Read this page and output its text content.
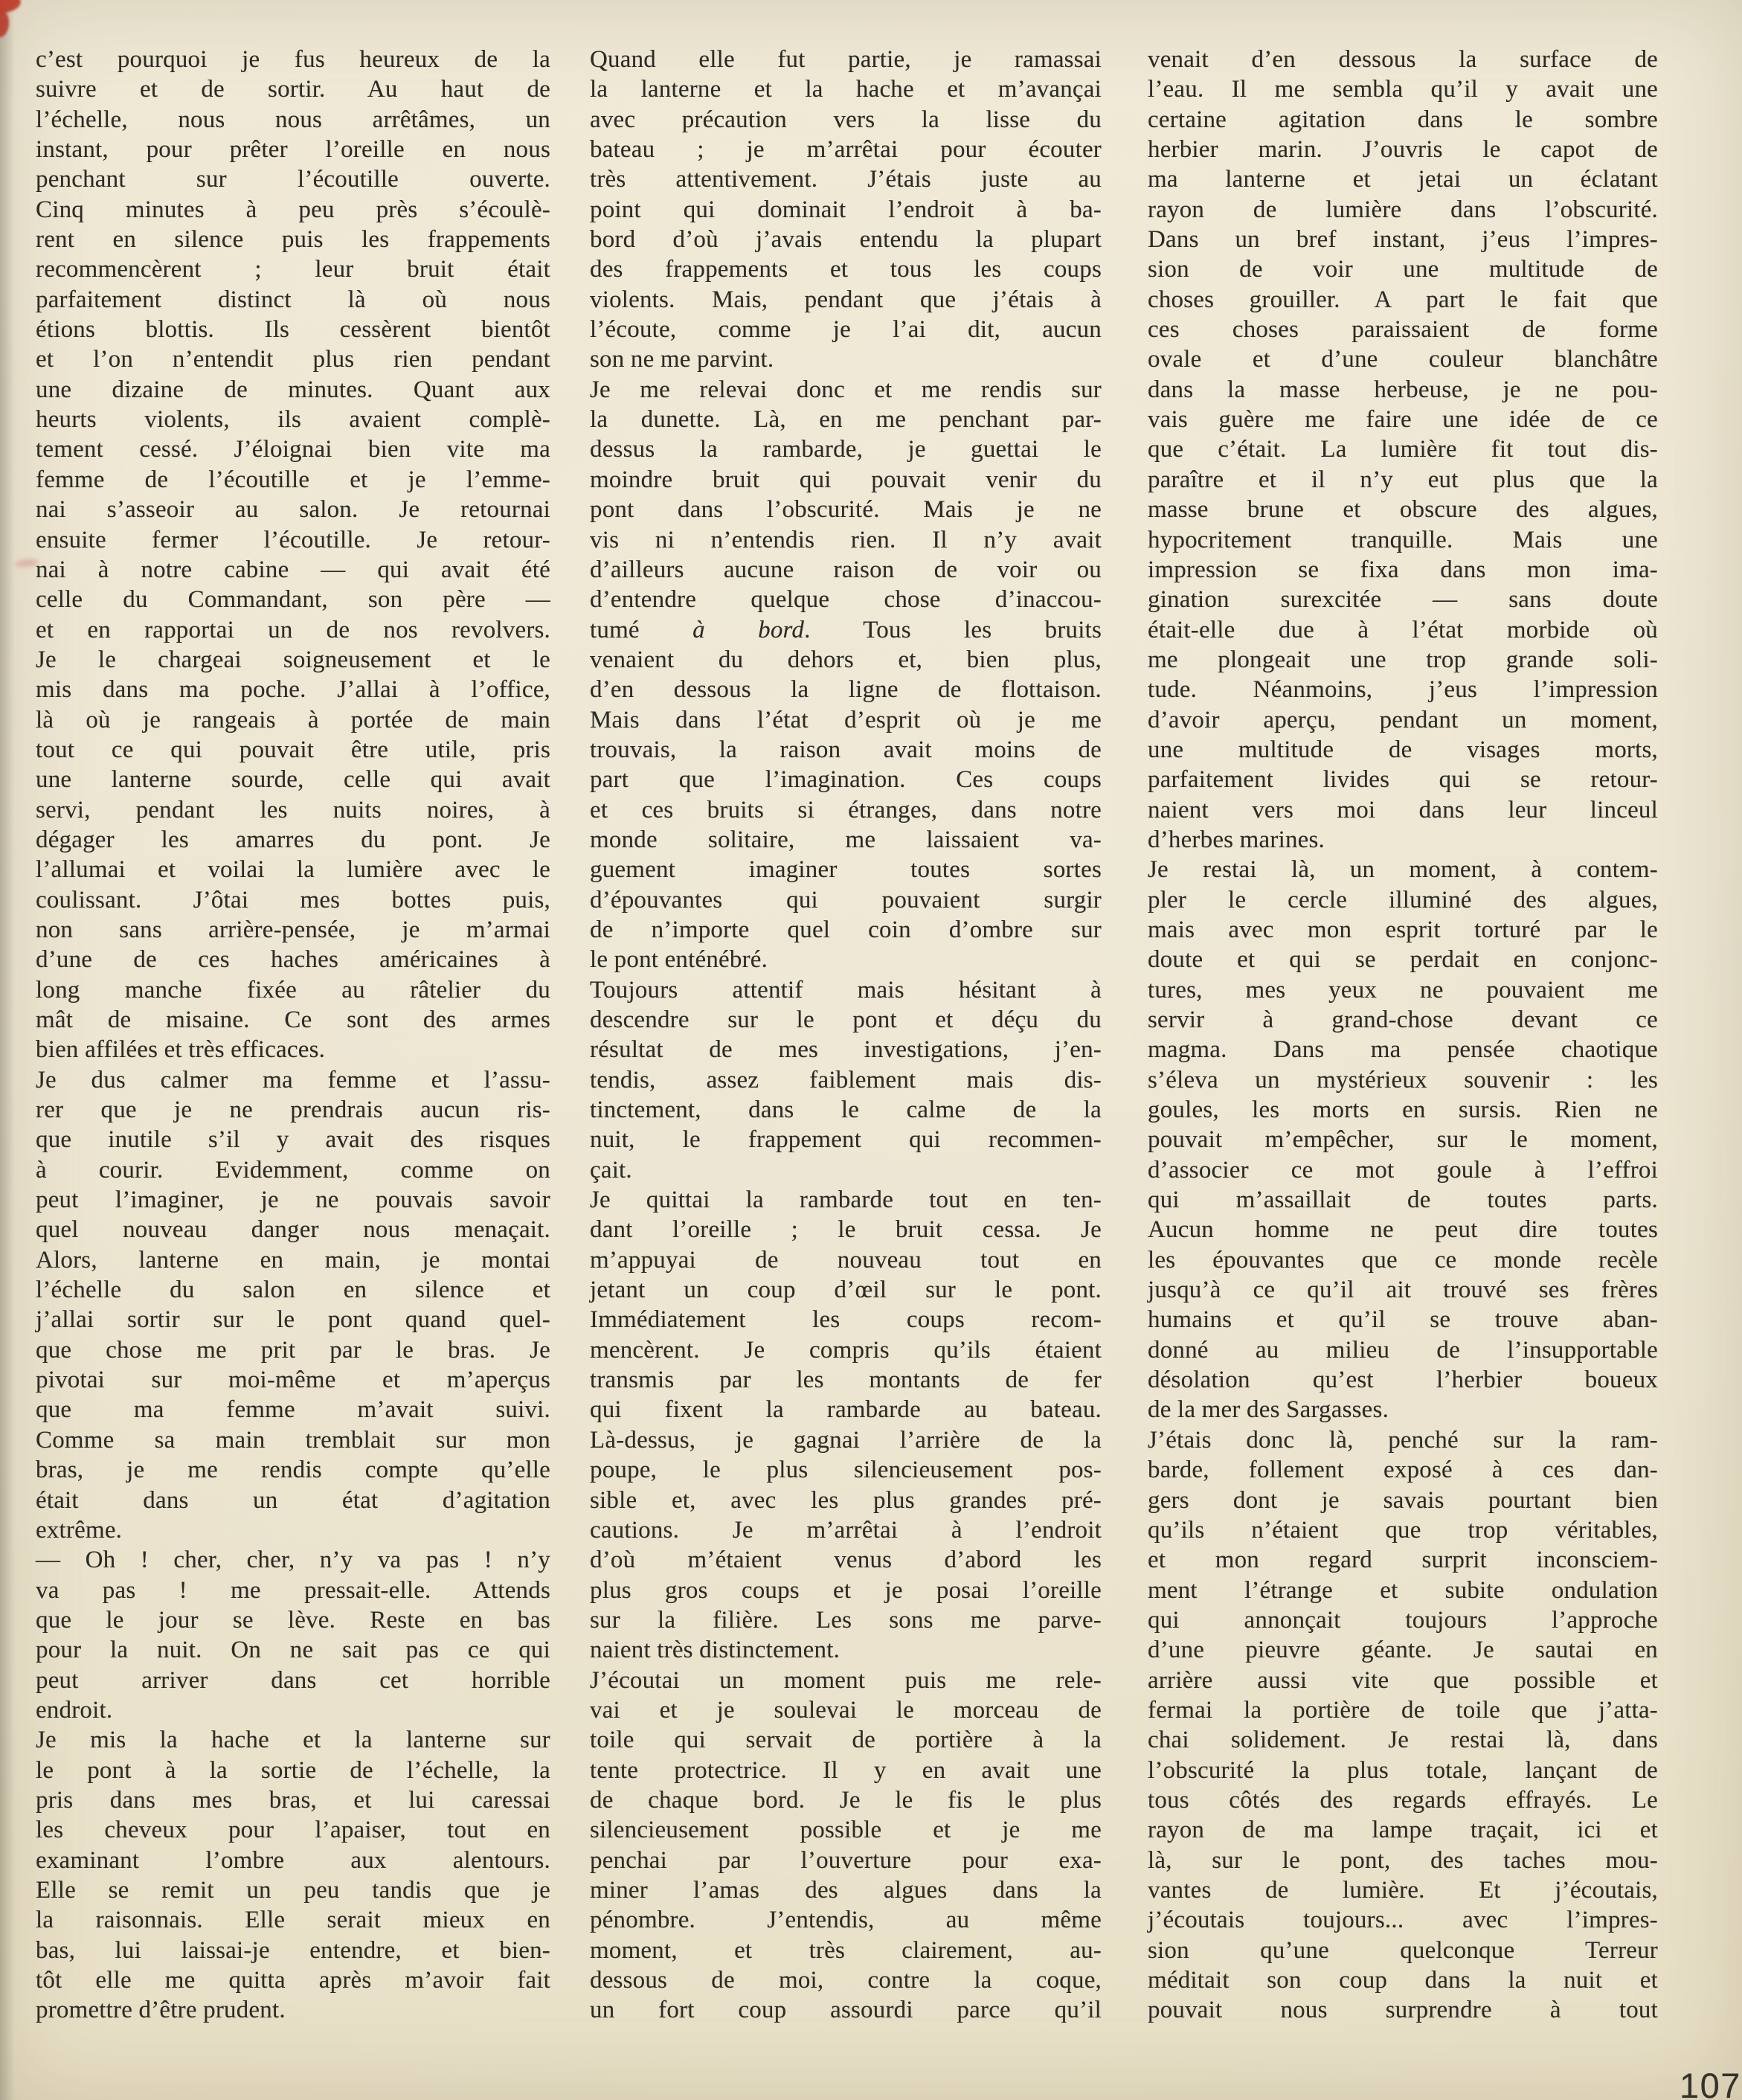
c’est pourquoi je fus heureux de la
suivre et de sortir. Au haut de
l’échelle, nous nous arrêtâmes, un
instant, pour prêter l’oreille en nous
penchant sur l’écoutille ouverte.
Cinq minutes à peu près s’écoulè-
rent en silence puis les frappements
recommencèrent ; leur bruit était
parfaitement distinct là où nous
étions blottis. Ils cessèrent bientôt
et l’on n’entendit plus rien pendant
une dizaine de minutes. Quant aux
heurts violents, ils avaient complè-
tement cessé. J’éloignai bien vite ma
femme de l’écoutille et je l’emme-
nai s’asseoir au salon. Je retournai
ensuite fermer l’écoutille. Je retour-
nai à notre cabine — qui avait été
celle du Commandant, son père —
et en rapportai un de nos revolvers.
Je le chargeai soigneusement et le
mis dans ma poche. J’allai à l’office,
là où je rangeais à portée de main
tout ce qui pouvait être utile, pris
une lanterne sourde, celle qui avait
servi, pendant les nuits noires, à
dégager les amarres du pont. Je
l’allumai et voilai la lumière avec le
coulissant. J’ôtai mes bottes puis,
non sans arrière-pensée, je m’armai
d’une de ces haches américaines à
long manche fixée au râtelier du
mât de misaine. Ce sont des armes
bien affilées et très efficaces.
Je dus calmer ma femme et l’assu-
rer que je ne prendrais aucun ris-
que inutile s’il y avait des risques
à courir. Evidemment, comme on
peut l’imaginer, je ne pouvais savoir
quel nouveau danger nous menaçait.
Alors, lanterne en main, je montai
l’échelle du salon en silence et
j’allai sortir sur le pont quand quel-
que chose me prit par le bras. Je
pivotai sur moi-même et m’aperçus
que ma femme m’avait suivi.
Comme sa main tremblait sur mon
bras, je me rendis compte qu’elle
était dans un état d’agitation
extrême.
— Oh ! cher, cher, n’y va pas ! n’y
va pas ! me pressait-elle. Attends
que le jour se lève. Reste en bas
pour la nuit. On ne sait pas ce qui
peut arriver dans cet horrible
endroit.
Je mis la hache et la lanterne sur
le pont à la sortie de l’échelle, la
pris dans mes bras, et lui caressai
les cheveux pour l’apaiser, tout en
examinant l’ombre aux alentours.
Elle se remit un peu tandis que je
la raisonnais. Elle serait mieux en
bas, lui laissai-je entendre, et bien-
tôt elle me quitta après m’avoir fait
promettre d’être prudent.
Quand elle fut partie, je ramassai
la lanterne et la hache et m’avançai
avec précaution vers la lisse du
bateau ; je m’arrêtai pour écouter
très attentivement. J’étais juste au
point qui dominait l’endroit à ba-
bord d’où j’avais entendu la plupart
des frappements et tous les coups
violents. Mais, pendant que j’étais à
l’écoute, comme je l’ai dit, aucun
son ne me parvint.
Je me relevai donc et me rendis sur
la dunette. Là, en me penchant par-
dessus la rambarde, je guettai le
moindre bruit qui pouvait venir du
pont dans l’obscurité. Mais je ne
vis ni n’entendis rien. Il n’y avait
d’ailleurs aucune raison de voir ou
d’entendre quelque chose d’inaccou-
tumé à bord. Tous les bruits
venaient du dehors et, bien plus,
d’en dessous la ligne de flottaison.
Mais dans l’état d’esprit où je me
trouvais, la raison avait moins de
part que l’imagination. Ces coups
et ces bruits si étranges, dans notre
monde solitaire, me laissaient va-
guement imaginer toutes sortes
d’épouvantes qui pouvaient surgir
de n’importe quel coin d’ombre sur
le pont enténébré.
Toujours attentif mais hésitant à
descendre sur le pont et déçu du
résultat de mes investigations, j’en-
tendis, assez faiblement mais dis-
tinctement, dans le calme de la
nuit, le frappement qui recommen-
çait.
Je quittai la rambarde tout en ten-
dant l’oreille ; le bruit cessa. Je
m’appuyai de nouveau tout en
jetant un coup d’œil sur le pont.
Immédiatement les coups recom-
mencèrent. Je compris qu’ils étaient
transmis par les montants de fer
qui fixent la rambarde au bateau.
Là-dessus, je gagnai l’arrière de la
poupe, le plus silencieusement pos-
sible et, avec les plus grandes pré-
cautions. Je m’arrêtai à l’endroit
d’où m’étaient venus d’abord les
plus gros coups et je posai l’oreille
sur la filière. Les sons me parve-
naient très distinctement.
J’écoutai un moment puis me rele-
vai et je soulevai le morceau de
toile qui servait de portière à la
tente protectrice. Il y en avait une
de chaque bord. Je le fis le plus
silencieusement possible et je me
penchai par l’ouverture pour exa-
miner l’amas des algues dans la
pénombre. J’entendis, au même
moment, et très clairement, au-
dessous de moi, contre la coque,
un fort coup assourdi parce qu’il
venait d’en dessous la surface de
l’eau. Il me sembla qu’il y avait une
certaine agitation dans le sombre
herbier marin. J’ouvris le capot de
ma lanterne et jetai un éclatant
rayon de lumière dans l’obscurité.
Dans un bref instant, j’eus l’impres-
sion de voir une multitude de
choses grouiller. A part le fait que
ces choses paraissaient de forme
ovale et d’une couleur blanchâtre
dans la masse herbeuse, je ne pou-
vais guère me faire une idée de ce
que c’était. La lumière fit tout dis-
paraître et il n’y eut plus que la
masse brune et obscure des algues,
hypocritement tranquille. Mais une
impression se fixa dans mon ima-
gination surexcitée — sans doute
était-elle due à l’état morbide où
me plongeait une trop grande soli-
tude. Néanmoins, j’eus l’impression
d’avoir aperçu, pendant un moment,
une multitude de visages morts,
parfaitement livides qui se retour-
naient vers moi dans leur linceul
d’herbes marines.
Je restai là, un moment, à contem-
pler le cercle illuminé des algues,
mais avec mon esprit torturé par le
doute et qui se perdait en conjonc-
tures, mes yeux ne pouvaient me
servir à grand-chose devant ce
magma. Dans ma pensée chaotique
s’éleva un mystérieux souvenir : les
goules, les morts en sursis. Rien ne
pouvait m’empêcher, sur le moment,
d’associer ce mot goule à l’effroi
qui m’assaillait de toutes parts.
Aucun homme ne peut dire toutes
les épouvantes que ce monde recèle
jusqu’à ce qu’il ait trouvé ses frères
humains et qu’il se trouve aban-
donné au milieu de l’insupportable
désolation qu’est l’herbier boueux
de la mer des Sargasses.
J’étais donc là, penché sur la ram-
barde, follement exposé à ces dan-
gers dont je savais pourtant bien
qu’ils n’étaient que trop véritables,
et mon regard surprit inconsciem-
ment l’étrange et subite ondulation
qui annonçait toujours l’approche
d’une pieuvre géante. Je sautai en
arrière aussi vite que possible et
fermai la portière de toile que j’atta-
chai solidement. Je restai là, dans
l’obscurité la plus totale, lançant de
tous côtés des regards effrayés. Le
rayon de ma lampe traçait, ici et
là, sur le pont, des taches mou-
vantes de lumière. Et j’écoutais,
j’écoutais toujours... avec l’impres-
sion qu’une quelconque Terreur
méditait son coup dans la nuit et
pouvait nous surprendre à tout
107
